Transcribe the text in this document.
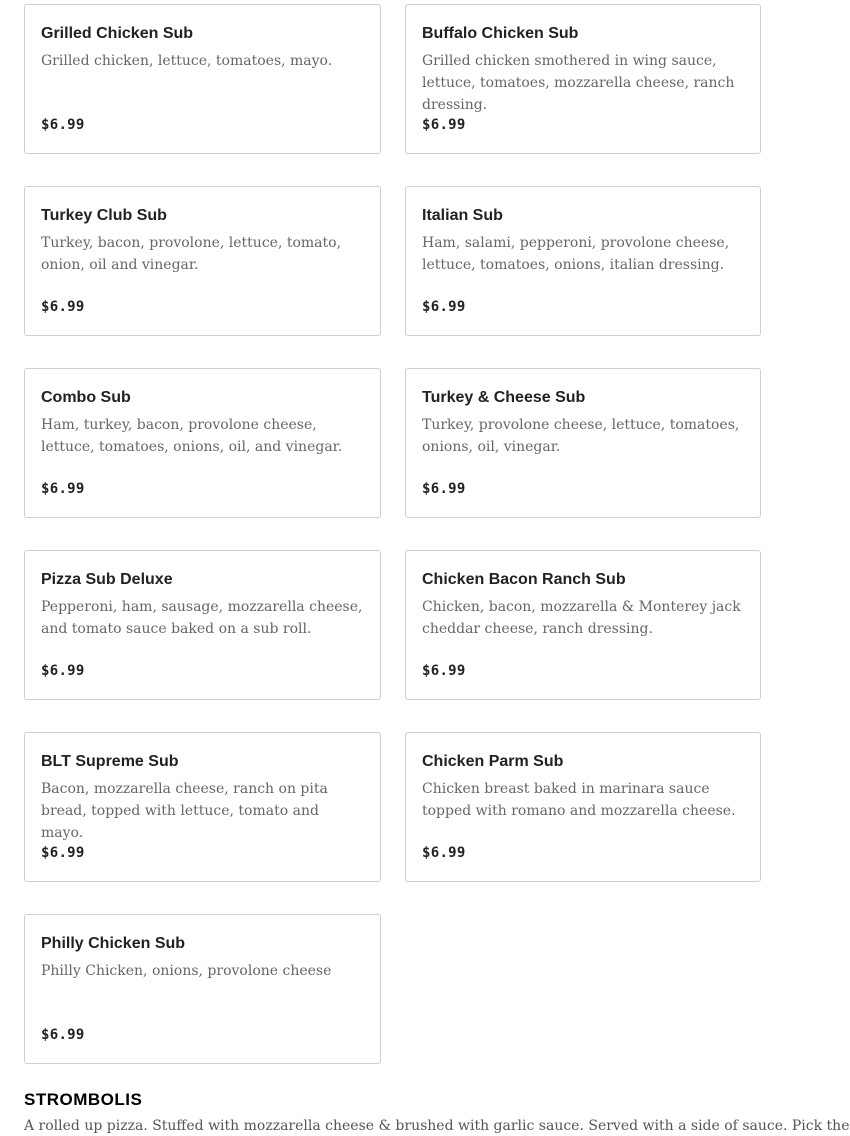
Grilled Chicken Sub
Grilled chicken, lettuce, tomatoes, mayo.
$6.99
Buffalo Chicken Sub
Grilled chicken smothered in wing sauce, lettuce, tomatoes, mozzarella cheese, ranch dressing.
$6.99
Turkey Club Sub
Turkey, bacon, provolone, lettuce, tomato, onion, oil and vinegar.
$6.99
Italian Sub
Ham, salami, pepperoni, provolone cheese, lettuce, tomatoes, onions, italian dressing.
$6.99
Combo Sub
Ham, turkey, bacon, provolone cheese, lettuce, tomatoes, onions, oil, and vinegar.
$6.99
Turkey & Cheese Sub
Turkey, provolone cheese, lettuce, tomatoes, onions, oil, vinegar.
$6.99
Pizza Sub Deluxe
Pepperoni, ham, sausage, mozzarella cheese, and tomato sauce baked on a sub roll.
$6.99
Chicken Bacon Ranch Sub
Chicken, bacon, mozzarella & Monterey jack cheddar cheese, ranch dressing.
$6.99
BLT Supreme Sub
Bacon, mozzarella cheese, ranch on pita bread, topped with lettuce, tomato and mayo.
$6.99
Chicken Parm Sub
Chicken breast baked in marinara sauce topped with romano and mozzarella cheese.
$6.99
Philly Chicken Sub
Philly Chicken, onions, provolone cheese
$6.99
STROMBOLIS
A rolled up pizza. Stuffed with mozzarella cheese & brushed with garlic sauce. Served with a side of sauce. Pick the
